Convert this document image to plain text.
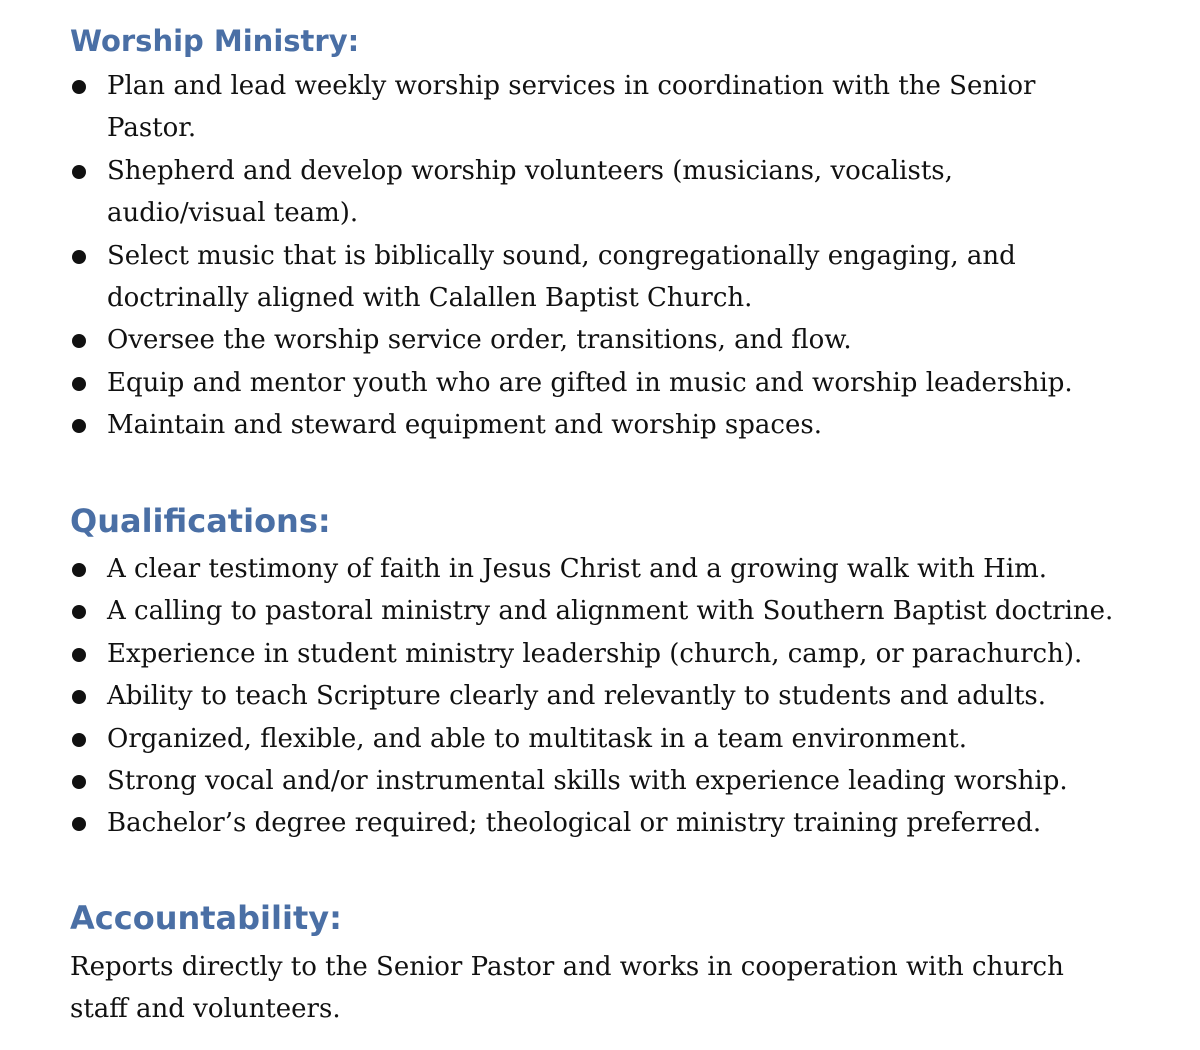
Worship Ministry:
Plan and lead weekly worship services in coordination with the Senior Pastor.
Shepherd and develop worship volunteers (musicians, vocalists, audio/visual team).
Select music that is biblically sound, congregationally engaging, and doctrinally aligned with Calallen Baptist Church.
Oversee the worship service order, transitions, and flow.
Equip and mentor youth who are gifted in music and worship leadership.
Maintain and steward equipment and worship spaces.
Qualifications:
A clear testimony of faith in Jesus Christ and a growing walk with Him.
A calling to pastoral ministry and alignment with Southern Baptist doctrine.
Experience in student ministry leadership (church, camp, or parachurch).
Ability to teach Scripture clearly and relevantly to students and adults.
Organized, flexible, and able to multitask in a team environment.
Strong vocal and/or instrumental skills with experience leading worship.
Bachelor’s degree required; theological or ministry training preferred.
Accountability:

Reports directly to the Senior Pastor and works in cooperation with church staff and volunteers.
